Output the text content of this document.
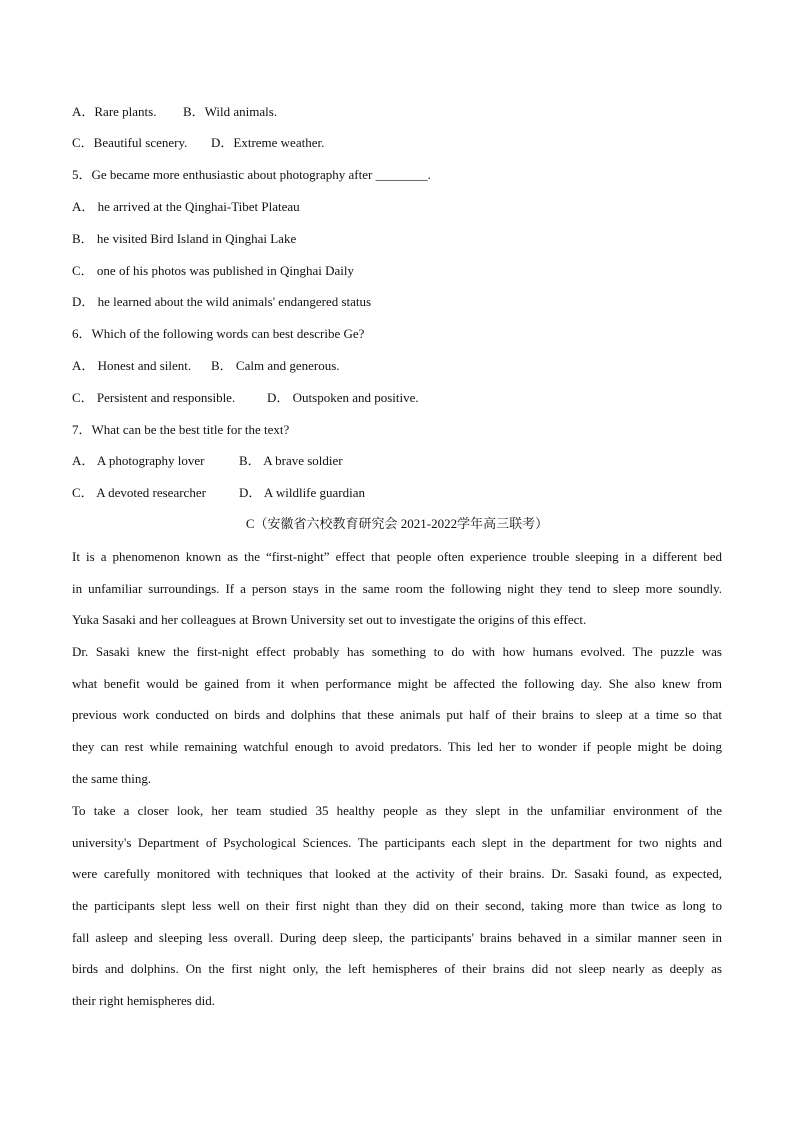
A．Rare plants. B．Wild animals.
C．Beautiful scenery. D．Extreme weather.
5．Ge became more enthusiastic about photography after ________.
A． he arrived at the Qinghai-Tibet Plateau
B． he visited Bird Island in Qinghai Lake
C． one of his photos was published in Qinghai Daily
D． he learned about the wild animals' endangered status
6．Which of the following words can best describe Ge?
A． Honest and silent. B． Calm and generous.
C． Persistent and responsible. D． Outspoken and positive.
7．What can be the best title for the text?
A． A photography lover	B． A brave soldier
C． A devoted researcher	D． A wildlife guardian
C（安徽省六校教育研究会 2021-2022学年高三联考）
It is a phenomenon known as the “first-night” effect that people often experience trouble sleeping in a different bed
in unfamiliar surroundings. If a person stays in the same room the following night they tend to sleep more soundly.
Yuka Sasaki and her colleagues at Brown University set out to investigate the origins of this effect.
Dr. Sasaki knew the first-night effect probably has something to do with how humans evolved. The puzzle was
what benefit would be gained from it when performance might be affected the following day. She also knew from
previous work conducted on birds and dolphins that these animals put half of their brains to sleep at a time so that
they can rest while remaining watchful enough to avoid predators. This led her to wonder if people might be doing
the same thing.
To take a closer look, her team studied 35 healthy people as they slept in the unfamiliar environment of the
university's Department of Psychological Sciences. The participants each slept in the department for two nights and
were carefully monitored with techniques that looked at the activity of their brains. Dr. Sasaki found, as expected,
the participants slept less well on their first night than they did on their second, taking more than twice as long to
fall asleep and sleeping less overall. During deep sleep, the participants' brains behaved in a similar manner seen in
birds and dolphins. On the first night only, the left hemispheres of their brains did not sleep nearly as deeply as
their right hemispheres did.
